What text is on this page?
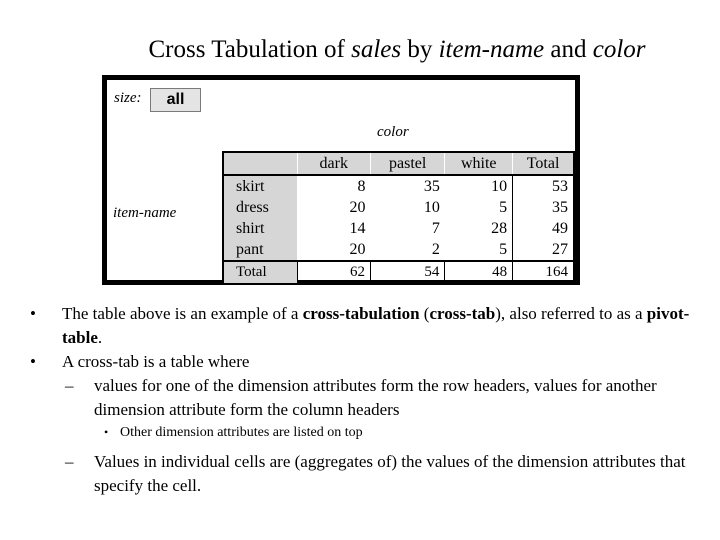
Cross Tabulation of sales by item-name and color
size:	all
color
item-name
	dark	pastel	white	Total
skirt	8	35	10	53
dress	20	10	5	35
shirt	14	7	28	49
pant	20	2	5	27
Total	62	54	48	164

• The table above is an example of a cross-tabulation (cross-tab), also referred to as a pivot-table.

• A cross-tab is a table where

– values for one of the dimension attributes form the row headers, values for another dimension attribute form the column headers

• Other dimension attributes are listed on top

– Values in individual cells are (aggregates of) the values of the dimension attributes that specify the cell.
